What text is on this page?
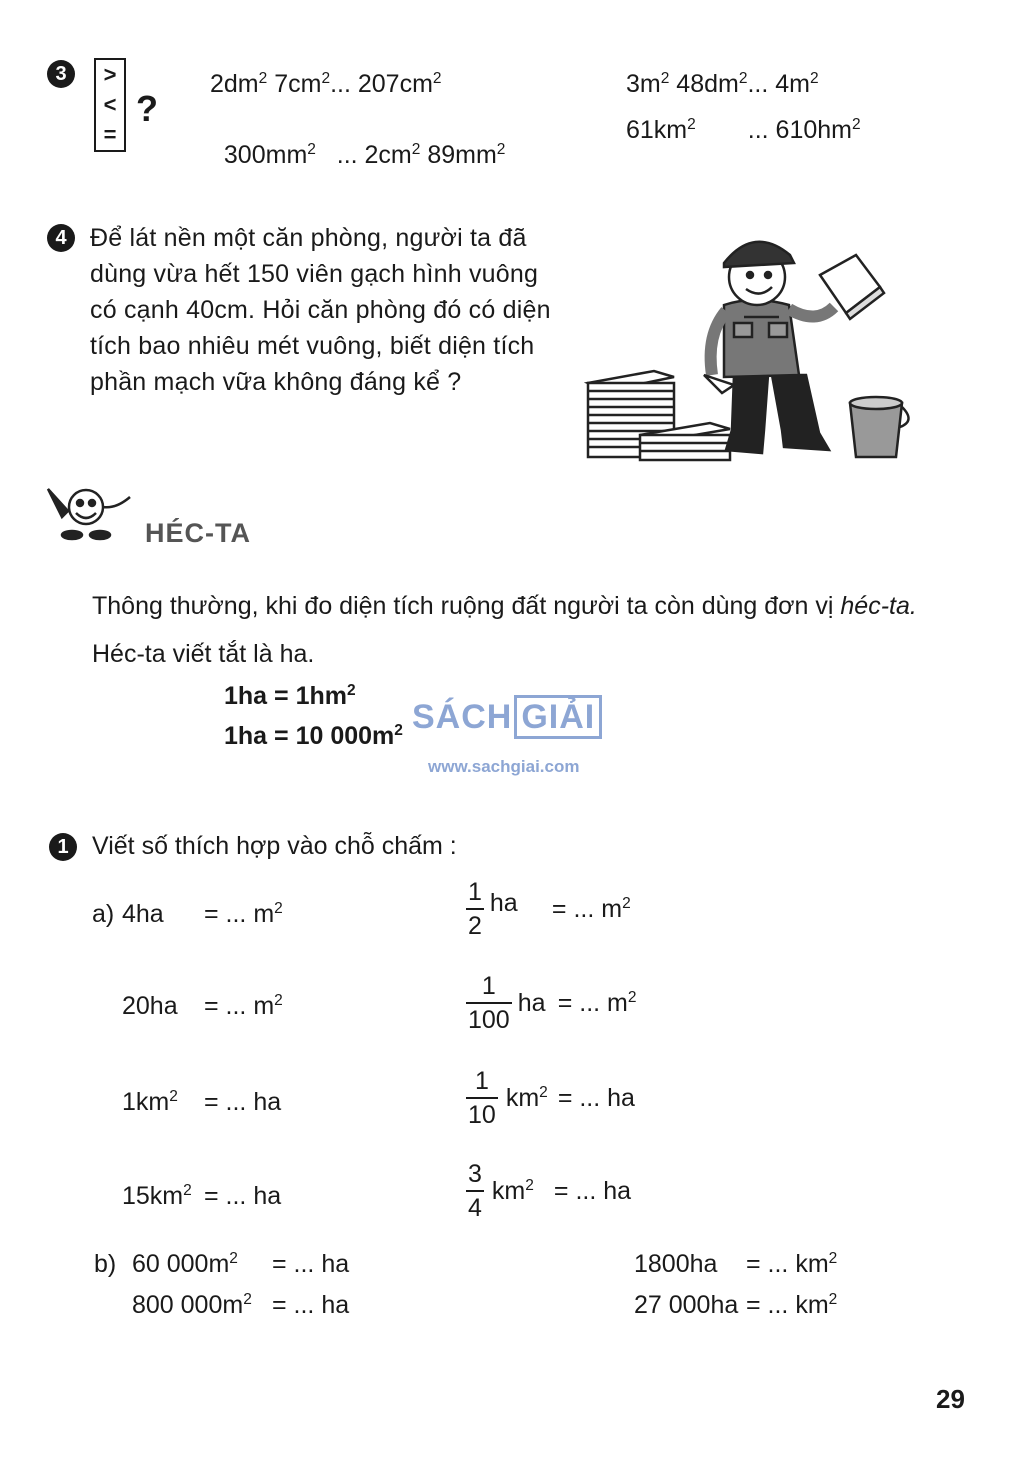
3	>
<
=
?
$2dm^2$ $7cm^2$... $207cm^2$

$300mm^2$   ... $2cm^2$ $89mm^2$

$3m^2$ $48dm^2$... $4m^2$
$61km^2$ ... $610hm^2$
4 Để lát nền một căn phòng, người ta đã
dùng vừa hết 150 viên gạch hình vuông
có cạnh 40cm. Hỏi căn phòng đó có diện
tích bao nhiêu mét vuông, biết diện tích
phần mạch vữa không đáng kể ?
HÉC-TA
Thông thường, khi đo diện tích ruộng đất người ta còn dùng đơn vị héc-ta.
Héc-ta viết tắt là ha.
$1ha = 1hm^2$
1ha = 10 $000m^2$ SÁCH GIẢI
www.sachgiai.com
1 Viết số thích hợp vào chỗ chấm :
a) 4ha = ... $m^2$
20ha = ... $m^2$
$1km^2$ = ... ha
$15km^2$ = ... ha
$\frac{1}{2}$ ha	= ... $m^2$
$\frac{1}{100}$ ha = ... $m^2$
$\frac{1}{10} km^2$ = ... ha
$\frac{3}{4} km^2$ = ... ha
b) 60 $000m^2$ = ... ha
800 $000m^2$ = ... ha
1800ha = ... $km^2$
27 000ha = ... $km^2$
29
